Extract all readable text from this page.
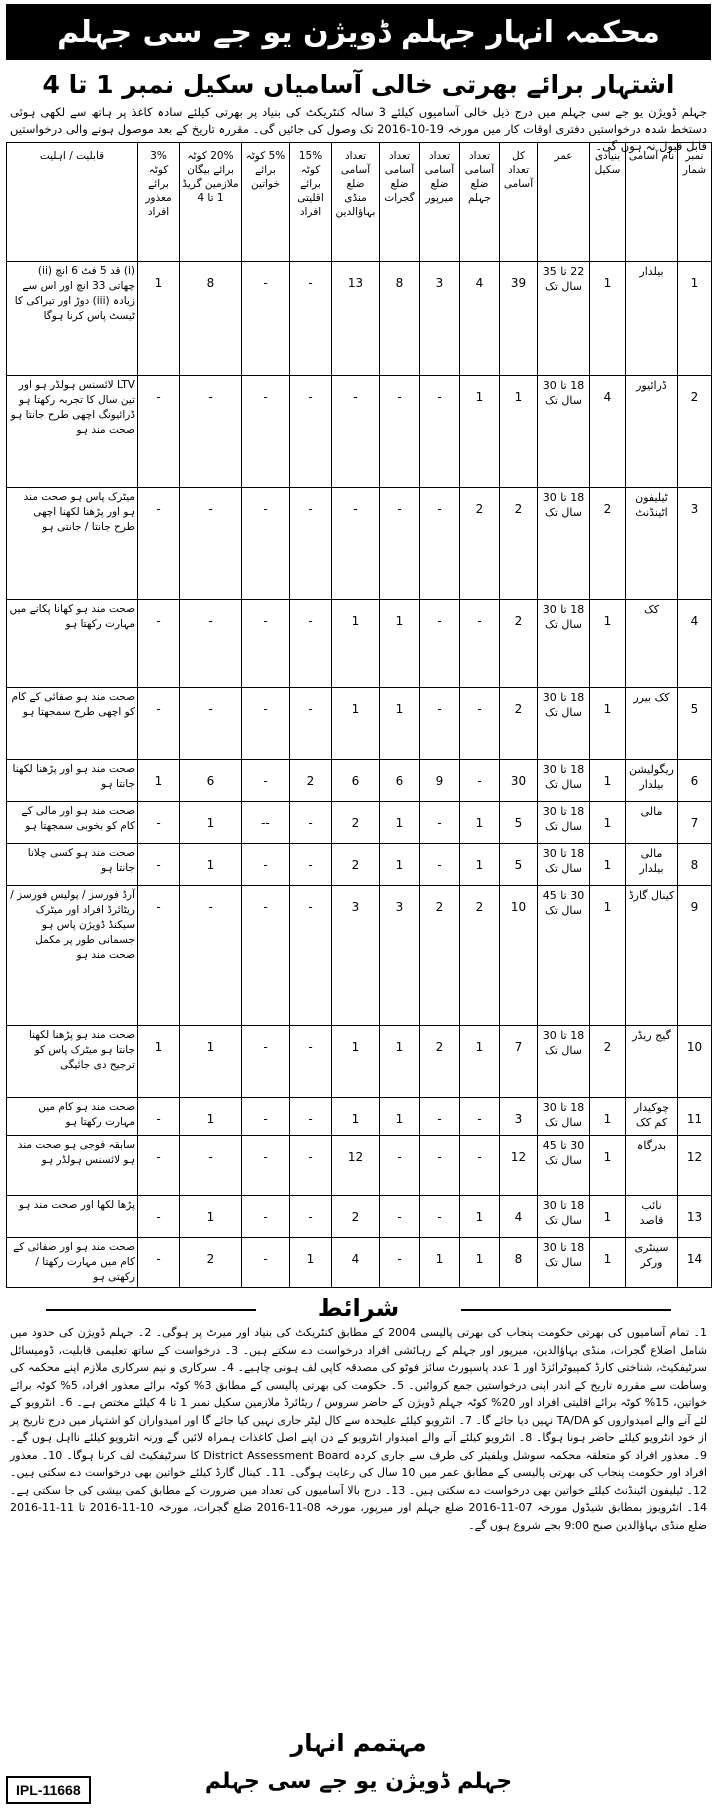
محکمہ انہار جہلم ڈویژن یو جے سی جہلم
اشتہار برائے بھرتی خالی آسامیاں سکیل نمبر 1 تا 4
جہلم ڈویژن یو جے سی جہلم میں درج ذیل خالی آسامیوں کیلئے 3 سالہ کنٹریکٹ کی بنیاد پر بھرتی کیلئے سادہ کاغذ پر ہاتھ سے لکھی ہوئی دستخط شدہ درخواستیں دفتری اوقات کار میں مورخہ 19-10-2016 تک وصول کی جائیں گی۔ مقررہ تاریخ کے بعد موصول ہونے والی درخواستیں قابل قبول نہ ہوں گی۔
نمبر شمار	نام آسامی	بنیادی سکیل	عمر	کل تعداد آسامی	تعداد آسامی ضلع جہلم	تعداد آسامی ضلع میرپور	تعداد آسامی ضلع گجرات	تعداد آسامی ضلع منڈی بہاؤالدین	15% کوٹہ برائے اقلیتی افراد	5% کوٹہ برائے خواتین	20% کوٹہ برائے بیگان ملازمین گریڈ 1 تا 4	3% کوٹہ برائے معذور افراد	قابلیت / اہلیت
1	بیلدار	1	22 تا 35 سال تک	39	4	3	8	13	-	-	8	1	(i) قد 5 فٹ 6 انچ (ii) چھاتی 33 انچ اور اس سے زیادہ (iii) دوڑ اور تیراکی کا ٹیسٹ پاس کرنا ہوگا
2	ڈرائیور	4	18 تا 30 سال تک	1	1	-	-	-	-	-	-	-	LTV لائسنس ہولڈر ہو اور تین سال کا تجربہ رکھتا ہو ڈرائیونگ اچھی طرح جانتا ہو صحت مند ہو
3	ٹیلیفون اٹینڈنٹ	2	18 تا 30 سال تک	2	2	-	-	-	-	-	-	-	میٹرک پاس ہو صحت مند ہو اور پڑھنا لکھنا اچھی طرح جانتا / جانتی ہو
4	کک	1	18 تا 30 سال تک	2	-	-	1	1	-	-	-	-	صحت مند ہو کھانا پکانے میں مہارت رکھتا ہو
5	کک بیرر	1	18 تا 30 سال تک	2	-	-	1	1	-	-	-	-	صحت مند ہو صفائی کے کام کو اچھی طرح سمجھتا ہو
6	ریگولیشن بیلدار	1	18 تا 30 سال تک	30	-	9	6	6	2	-	6	1	صحت مند ہو اور پڑھنا لکھنا جانتا ہو
7	مالی	1	18 تا 30 سال تک	5	1	-	1	2	-	--	1	-	صحت مند ہو اور مالی کے کام کو بخوبی سمجھتا ہو
8	مالی بیلدار	1	18 تا 30 سال تک	5	1	-	1	2	-	-	1	-	صحت مند ہو کسی چلانا جانتا ہو
9	کینال گارڈ	1	30 تا 45 سال تک	10	2	2	3	3	-	-	-	-	آرڈ فورسز / پولیس فورسز / ریٹائرڈ افراد اور میٹرک سیکنڈ ڈویژن پاس ہو جسمانی طور پر مکمل صحت مند ہو
10	گیج ریڈر	2	18 تا 30 سال تک	7	1	2	1	1	-	-	1	1	صحت مند ہو پڑھنا لکھنا جانتا ہو میٹرک پاس کو ترجیح دی جائیگی
11	چوکیدار کم کک	1	18 تا 30 سال تک	3	-	-	1	1	-	-	1	-	صحت مند ہو کام میں مہارت رکھتا ہو
12	بدرگاہ	1	30 تا 45 سال تک	12	-	-	-	12	-	-	-	-	سابقہ فوجی ہو صحت مند ہو لائسنس ہولڈر ہو
13	نائب قاصد	1	18 تا 30 سال تک	4	1	-	-	2	-	-	1	-	پڑھا لکھا اور صحت مند ہو
14	سینٹری ورکر	1	18 تا 30 سال تک	8	1	1	-	4	1	-	2	-	صحت مند ہو اور صفائی کے کام میں مہارت رکھتا / رکھتی ہو
شرائط
1۔ تمام آسامیوں کی بھرتی حکومت پنجاب کی بھرتی پالیسی 2004 کے مطابق کنٹریکٹ کی بنیاد اور میرٹ پر ہوگی۔ 2۔ جہلم ڈویژن کی حدود میں شامل اضلاع گجرات، منڈی بہاؤالدین، میرپور اور جہلم کے رہائشی افراد درخواست دے سکتے ہیں۔ 3۔ درخواست کے ساتھ تعلیمی قابلیت، ڈومیسائل سرٹیفکیٹ، شناختی کارڈ کمپیوٹرائزڈ اور 1 عدد پاسپورٹ سائز فوٹو کی مصدقہ کاپی لف ہونی چاہیے۔ 4۔ سرکاری و نیم سرکاری ملازم اپنے محکمہ کی وساطت سے مقررہ تاریخ کے اندر اپنی درخواستیں جمع کروائیں۔ 5۔ حکومت کی بھرتی پالیسی کے مطابق 3% کوٹہ برائے معذور افراد، 5% کوٹہ برائے خواتین، 15% کوٹہ برائے اقلیتی افراد اور 20% کوٹہ جہلم ڈویژن کے حاضر سروس / ریٹائرڈ ملازمین سکیل نمبر 1 تا 4 کیلئے مختص ہے۔ 6۔ انٹرویو کے لئے آنے والے امیدواروں کو TA/DA نہیں دیا جائے گا۔ 7۔ انٹرویو کیلئے علیحدہ سے کال لیٹر جاری نہیں کیا جائے گا اور امیدواران کو اشتہار میں درج تاریخ پر از خود انٹرویو کیلئے حاضر ہونا ہوگا۔ 8۔ انٹرویو کیلئے آنے والے امیدوار انٹرویو کے دن اپنے اصل کاغذات ہمراہ لائیں گے ورنہ انٹرویو کیلئے نااہل ہوں گے۔ 9۔ معذور افراد کو متعلقہ محکمہ سوشل ویلفیئر کی طرف سے جاری کردہ District Assessment Board کا سرٹیفکیٹ لف کرنا ہوگا۔ 10۔ معذور افراد اور حکومت پنجاب کی بھرتی پالیسی کے مطابق عمر میں 10 سال کی رعایت ہوگی۔ 11۔ کینال گارڈ کیلئے خواتین بھی درخواست دے سکتی ہیں۔ 12۔ ٹیلیفون اٹینڈنٹ کیلئے خواتین بھی درخواست دے سکتی ہیں۔ 13۔ درج بالا آسامیوں کی تعداد میں ضرورت کے مطابق کمی بیشی کی جا سکتی ہے۔ 14۔ انٹرویوز بمطابق شیڈول مورخہ 07-11-2016 ضلع جہلم اور میرپور، مورخہ 08-11-2016 ضلع گجرات، مورخہ 10-11-2016 تا 11-11-2016 ضلع منڈی بہاؤالدین صبح 9:00 بجے شروع ہوں گے۔
مہتمم انہار
جہلم ڈویژن یو جے سی جہلم
IPL-11668
